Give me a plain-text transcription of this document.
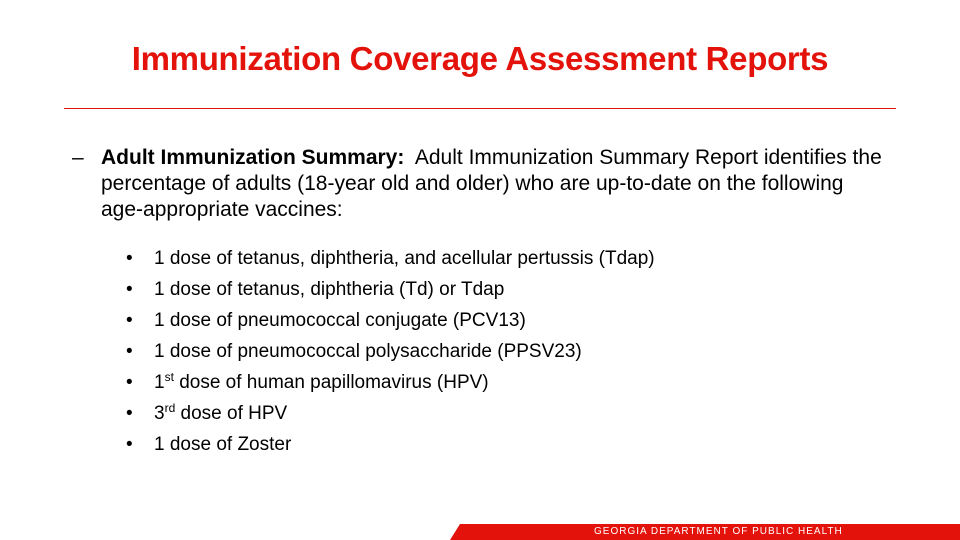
Immunization Coverage Assessment Reports
– Adult Immunization Summary: Adult Immunization Summary Report identifies the percentage of adults (18-year old and older) who are up-to-date on the following age-appropriate vaccines:
• 1 dose of tetanus, diphtheria, and acellular pertussis (Tdap)
• 1 dose of tetanus, diphtheria (Td) or Tdap
• 1 dose of pneumococcal conjugate (PCV13)
• 1 dose of pneumococcal polysaccharide (PPSV23)
• 1st dose of human papillomavirus (HPV)
• 3rd dose of HPV
• 1 dose of Zoster
GEORGIA DEPARTMENT OF PUBLIC HEALTH
